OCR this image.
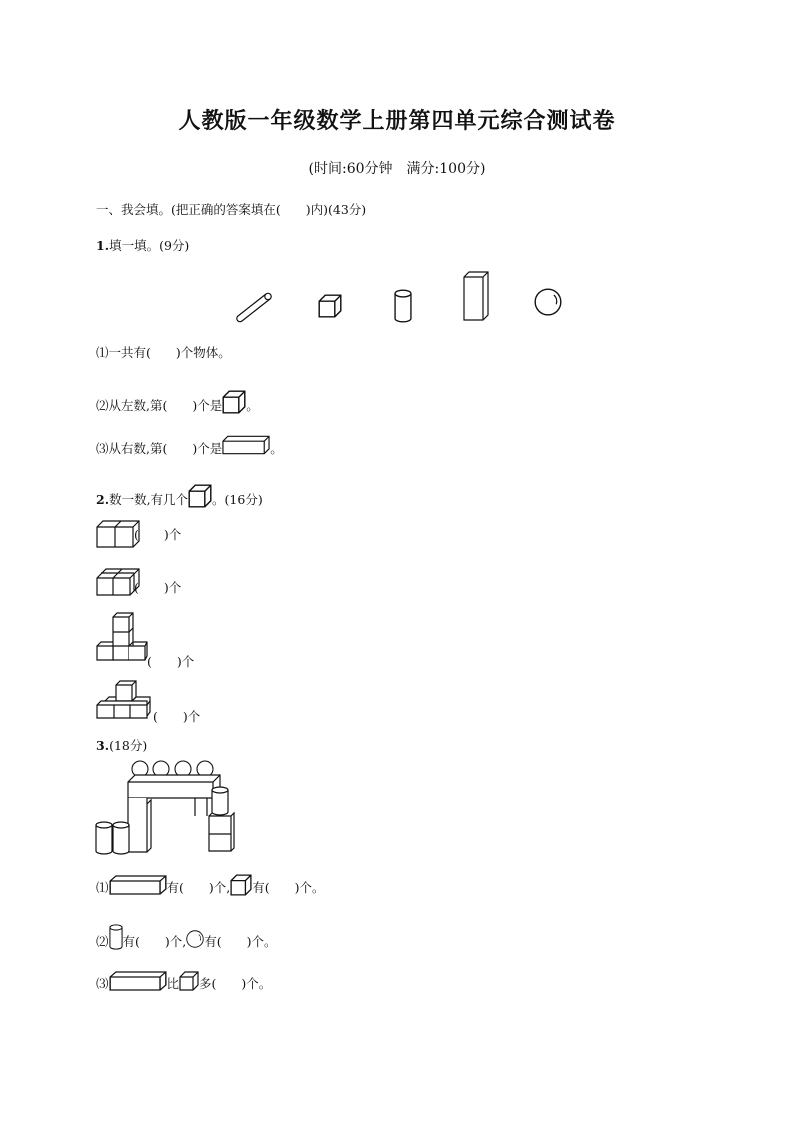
人教版一年级数学上册第四单元综合测试卷
(时间:60分钟　满分:100分)
一、我会填。(把正确的答案填在(　　)内)(43分)
1.填一填。(9分)
⑴一共有(　　)个物体。
⑵从左数,第(　　)个是 。
⑶从右数,第(　　)个是	。
2.数一数,有几个 。(16分)
(　　)个
(　　)个
(　　)个
(　　)个
3.(18分)
⑴	有(　　)个, 有(　　)个。
⑵ 有(　　)个, 有(　　)个。
⑶	比 多(　　)个。
